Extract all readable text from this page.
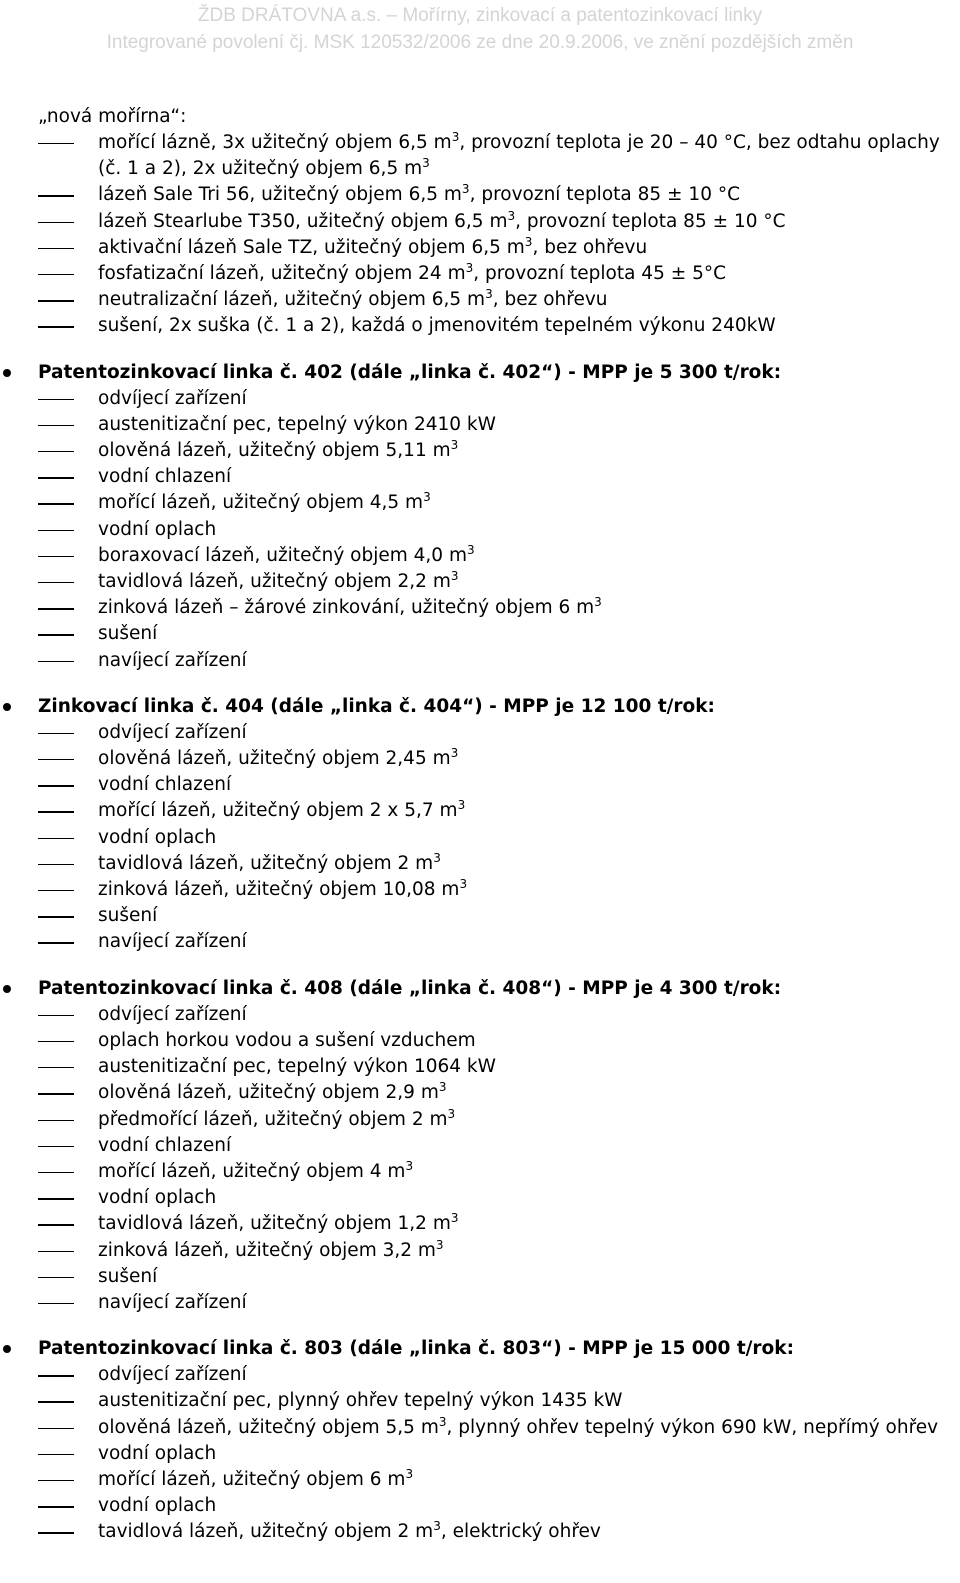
ŽDB DRÁTOVNA a.s. – Mořírny, zinkovací a patentozinkovací linky
Integrované povolení čj. MSK 120532/2006 ze dne 20.9.2006, ve znění pozdějších změn
„nová mořírna“:
mořící lázně, 3x užitečný objem 6,5 $m^3$, provozní teplota je 20 – 40 °C, bez odtahu oplachy (č. 1 a 2), 2x užitečný objem 6,5 $m^3$
lázeň Sale Tri 56, užitečný objem 6,5 $m^3$, provozní teplota 85 ± 10 °C
lázeň Stearlube T350, užitečný objem 6,5 $m^3$, provozní teplota 85 ± 10 °C
aktivační lázeň Sale TZ, užitečný objem 6,5 $m^3$, bez ohřevu
fosfatizační lázeň, užitečný objem 24 $m^3$, provozní teplota 45 ± 5°C
neutralizační lázeň, užitečný objem 6,5 $m^3$, bez ohřevu
sušení, 2x suška (č. 1 a 2), každá o jmenovitém tepelném výkonu 240kW
Patentozinkovací linka č. 402 (dále „linka č. 402“) - MPP je 5 300 t/rok:
odvíjecí zařízení
austenitizační pec, tepelný výkon 2410 kW
olověná lázeň, užitečný objem 5,11 $m^3$
vodní chlazení
mořící lázeň, užitečný objem 4,5 $m^3$
vodní oplach
boraxovací lázeň, užitečný objem 4,0 $m^3$
tavidlová lázeň, užitečný objem 2,2 $m^3$
zinková lázeň – žárové zinkování, užitečný objem 6 $m^3$
sušení
navíjecí zařízení
Zinkovací linka č. 404 (dále „linka č. 404“) - MPP je 12 100 t/rok:
odvíjecí zařízení
olověná lázeň, užitečný objem 2,45 $m^3$
vodní chlazení
mořící lázeň, užitečný objem 2 x 5,7 $m^3$
vodní oplach
tavidlová lázeň, užitečný objem 2 $m^3$
zinková lázeň, užitečný objem 10,08 $m^3$
sušení
navíjecí zařízení
Patentozinkovací linka č. 408 (dále „linka č. 408“) - MPP je 4 300 t/rok:
odvíjecí zařízení
oplach horkou vodou a sušení vzduchem
austenitizační pec, tepelný výkon 1064 kW
olověná lázeň, užitečný objem 2,9 $m^3$
předmořící lázeň, užitečný objem 2 $m^3$
vodní chlazení
mořící lázeň, užitečný objem 4 $m^3$
vodní oplach
tavidlová lázeň, užitečný objem 1,2 $m^3$
zinková lázeň, užitečný objem 3,2 $m^3$
sušení
navíjecí zařízení
Patentozinkovací linka č. 803 (dále „linka č. 803“) - MPP je 15 000 t/rok:
odvíjecí zařízení
austenitizační pec, plynný ohřev tepelný výkon 1435 kW
olověná lázeň, užitečný objem 5,5 $m^3$, plynný ohřev tepelný výkon 690 kW, nepřímý ohřev
vodní oplach
mořící lázeň, užitečný objem 6 $m^3$
vodní oplach
tavidlová lázeň, užitečný objem 2 $m^3$, elektrický ohřev
